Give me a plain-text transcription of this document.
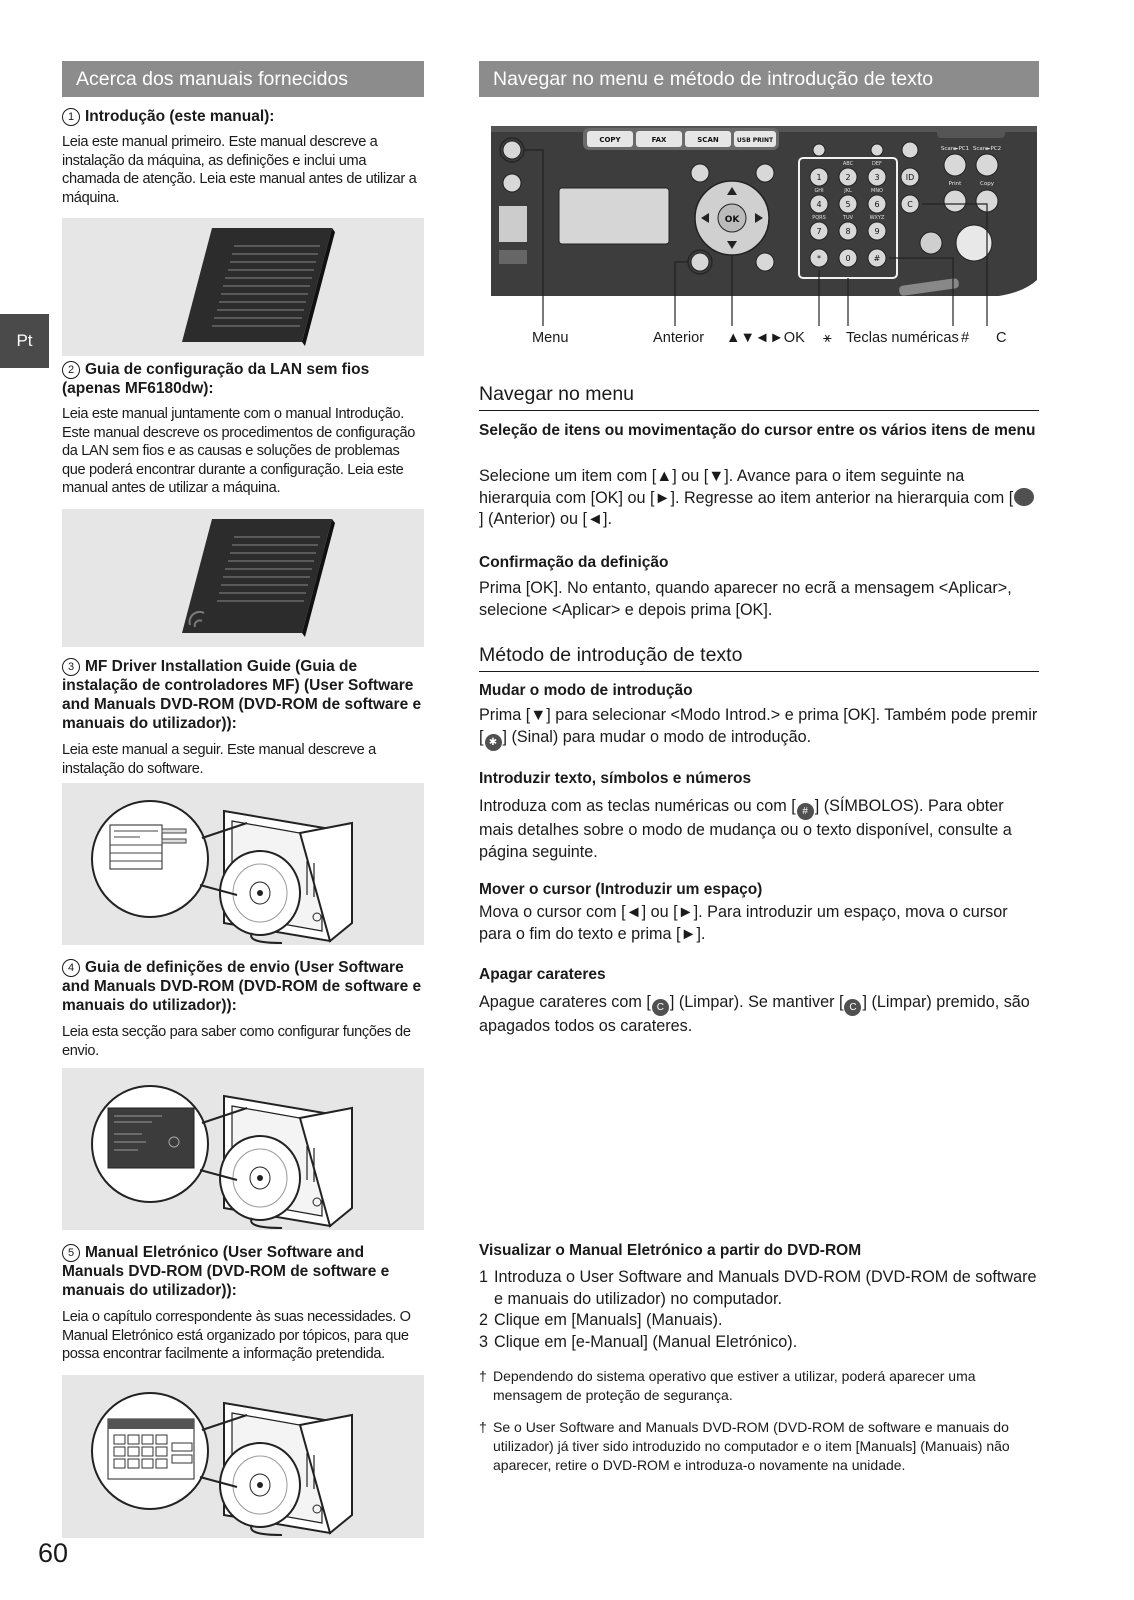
Pt
Acerca dos manuais fornecidos
1 Introdução (este manual):
Leia este manual primeiro. Este manual descreve a instalação da máquina, as definições e inclui uma chamada de atenção. Leia este manual antes de utilizar a máquina.
2 Guia de configuração da LAN sem fios (apenas MF6180dw):
Leia este manual juntamente com o manual Introdução. Este manual descreve os procedimentos de configuração da LAN sem fios e as causas e soluções de problemas que poderá encontrar durante a configuração. Leia este manual antes de utilizar a máquina.
3 MF Driver Installation Guide (Guia de instalação de controladores MF) (User Software and Manuals DVD-ROM (DVD-ROM de software e manuais do utilizador)):
Leia este manual a seguir. Este manual descreve a instalação do software.
4 Guia de definições de envio (User Software and Manuals DVD-ROM (DVD-ROM de software e manuais do utilizador)):
Leia esta secção para saber como configurar funções de envio.
5 Manual Eletrónico (User Software and Manuals DVD-ROM (DVD-ROM de software e manuais do utilizador)):
Leia o capítulo correspondente às suas necessidades. O Manual Eletrónico está organizado por tópicos, para que possa encontrar facilmente a informação pretendida.
60
Navegar no menu e método de introdução de texto
COPY	FAX	SCAN	USB PRINT
OK
1	2	3
4	5	6
7	8	9
*	0	#
ABC	DEF
GHI	JKL	MNO
PQRS	TUV	WXYZ
ID
C
Scan►PC1 Scan►PC2
Print	Copy
Menu	Anterior ▲▼◄►OK ⚹ Teclas numéricas # C
Navegar no menu
Seleção de itens ou movimentação do cursor entre os vários itens de menu
Selecione um item com [▲] ou [▼]. Avance para o item seguinte na hierarquia com [OK] ou [►]. Regresse ao item anterior na hierarquia com [] (Anterior) ou [◄].
Confirmação da definição
Prima [OK]. No entanto, quando aparecer no ecrã a mensagem <Aplicar>, selecione <Aplicar> e depois prima [OK].
Método de introdução de texto
Mudar o modo de introdução
Prima [▼] para selecionar <Modo Introd.> e prima [OK]. Também pode premir [ ✱ ] (Sinal) para mudar o modo de introdução.
Introduzir texto, símbolos e números
Introduza com as teclas numéricas ou com [ # ] (SÍMBOLOS). Para obter mais detalhes sobre o modo de mudança ou o texto disponível, consulte a página seguinte.
Mover o cursor (Introduzir um espaço)
Mova o cursor com [◄] ou [►]. Para introduzir um espaço, mova o cursor para o fim do texto e prima [►].
Apagar carateres
Apague carateres com [ C ] (Limpar). Se mantiver [ C ] (Limpar) premido, são apagados todos os carateres.
Visualizar o Manual Eletrónico a partir do DVD-ROM
1 Introduza o User Software and Manuals DVD-ROM (DVD-ROM de software e manuais do utilizador) no computador.
2 Clique em [Manuals] (Manuais).
3 Clique em [e-Manual] (Manual Eletrónico).
† Dependendo do sistema operativo que estiver a utilizar, poderá aparecer uma mensagem de proteção de segurança.
† Se o User Software and Manuals DVD-ROM (DVD-ROM de software e manuais do utilizador) já tiver sido introduzido no computador e o item [Manuals] (Manuais) não aparecer, retire o DVD-ROM e introduza-o novamente na unidade.
